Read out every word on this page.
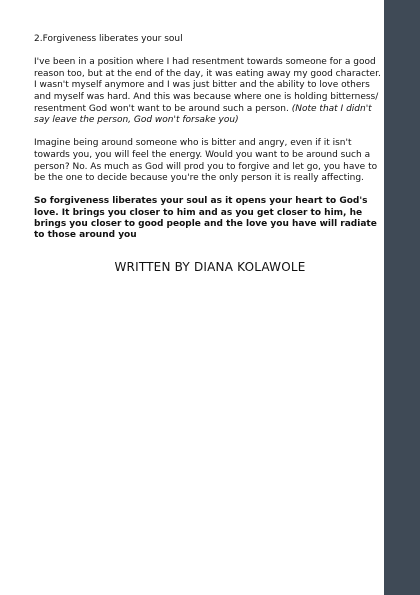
2.Forgiveness liberates your soul

I've been in a position where I had resentment towards someone for a good reason too, but at the end of the day, it was eating away my good character. I wasn't myself anymore and I was just bitter and the ability to love others and myself was hard. And this was because where one is holding bitterness/ resentment God won't want to be around such a person. (Note that I didn't say leave the person, God won't forsake you)

Imagine being around someone who is bitter and angry, even if it isn't towards you, you will feel the energy. Would you want to be around such a person? No. As much as God will prod you to forgive and let go, you have to be the one to decide because you're the only person it is really affecting.

So forgiveness liberates your soul as it opens your heart to God's love. It brings you closer to him and as you get closer to him, he brings you closer to good people and the love you have will radiate to those around you

WRITTEN BY DIANA KOLAWOLE
